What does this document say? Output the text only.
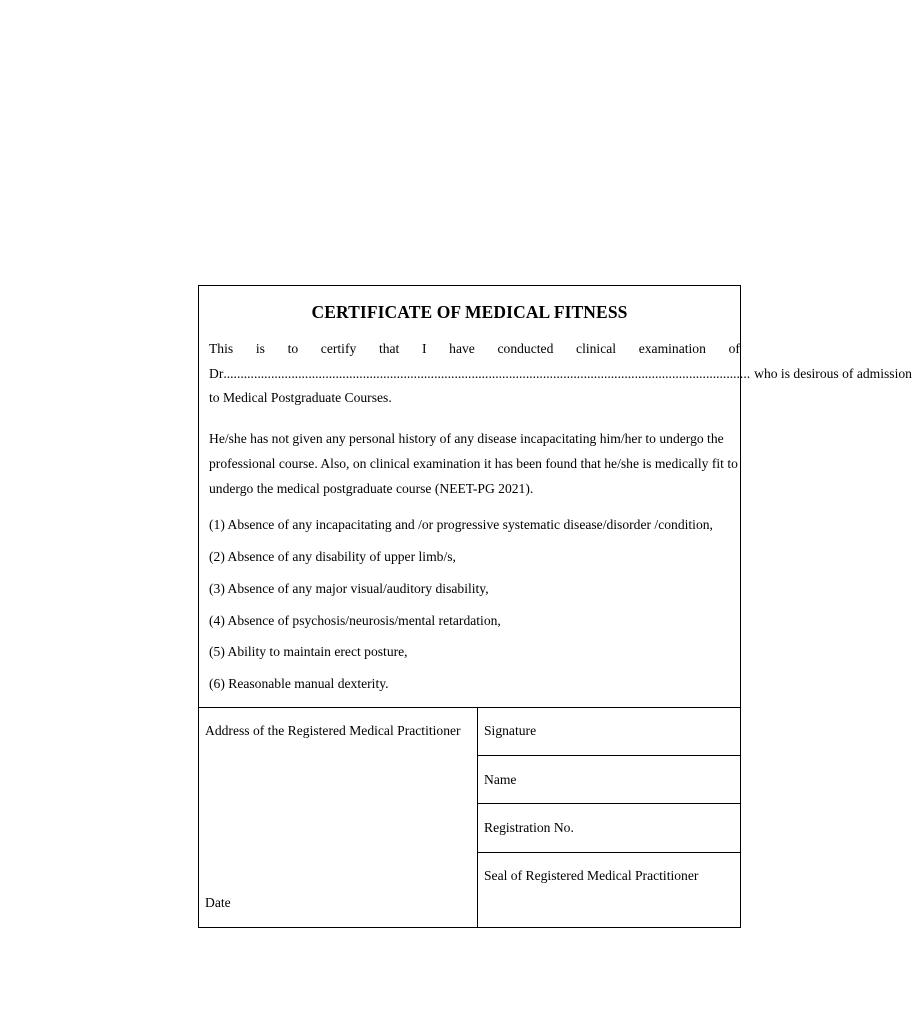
CERTIFICATE OF MEDICAL FITNESS
This is to certify that I have conducted clinical examination of
Dr ........................................................................................................................................................... who is desirous of admission
to Medical Postgraduate Courses.
He/she has not given any personal history of any disease incapacitating him/her to undergo the professional course. Also, on clinical examination it has been found that he/she is medically fit to undergo the medical postgraduate course (NEET-PG 2021).
(1) Absence of any incapacitating and /or progressive systematic disease/disorder /condition,
(2) Absence of any disability of upper limb/s,
(3) Absence of any major visual/auditory disability,
(4) Absence of psychosis/neurosis/mental retardation,
(5) Ability to maintain erect posture,
(6) Reasonable manual dexterity.
Address of the Registered Medical Practitioner
Date
Signature
Name
Registration No.
Seal of Registered Medical Practitioner
